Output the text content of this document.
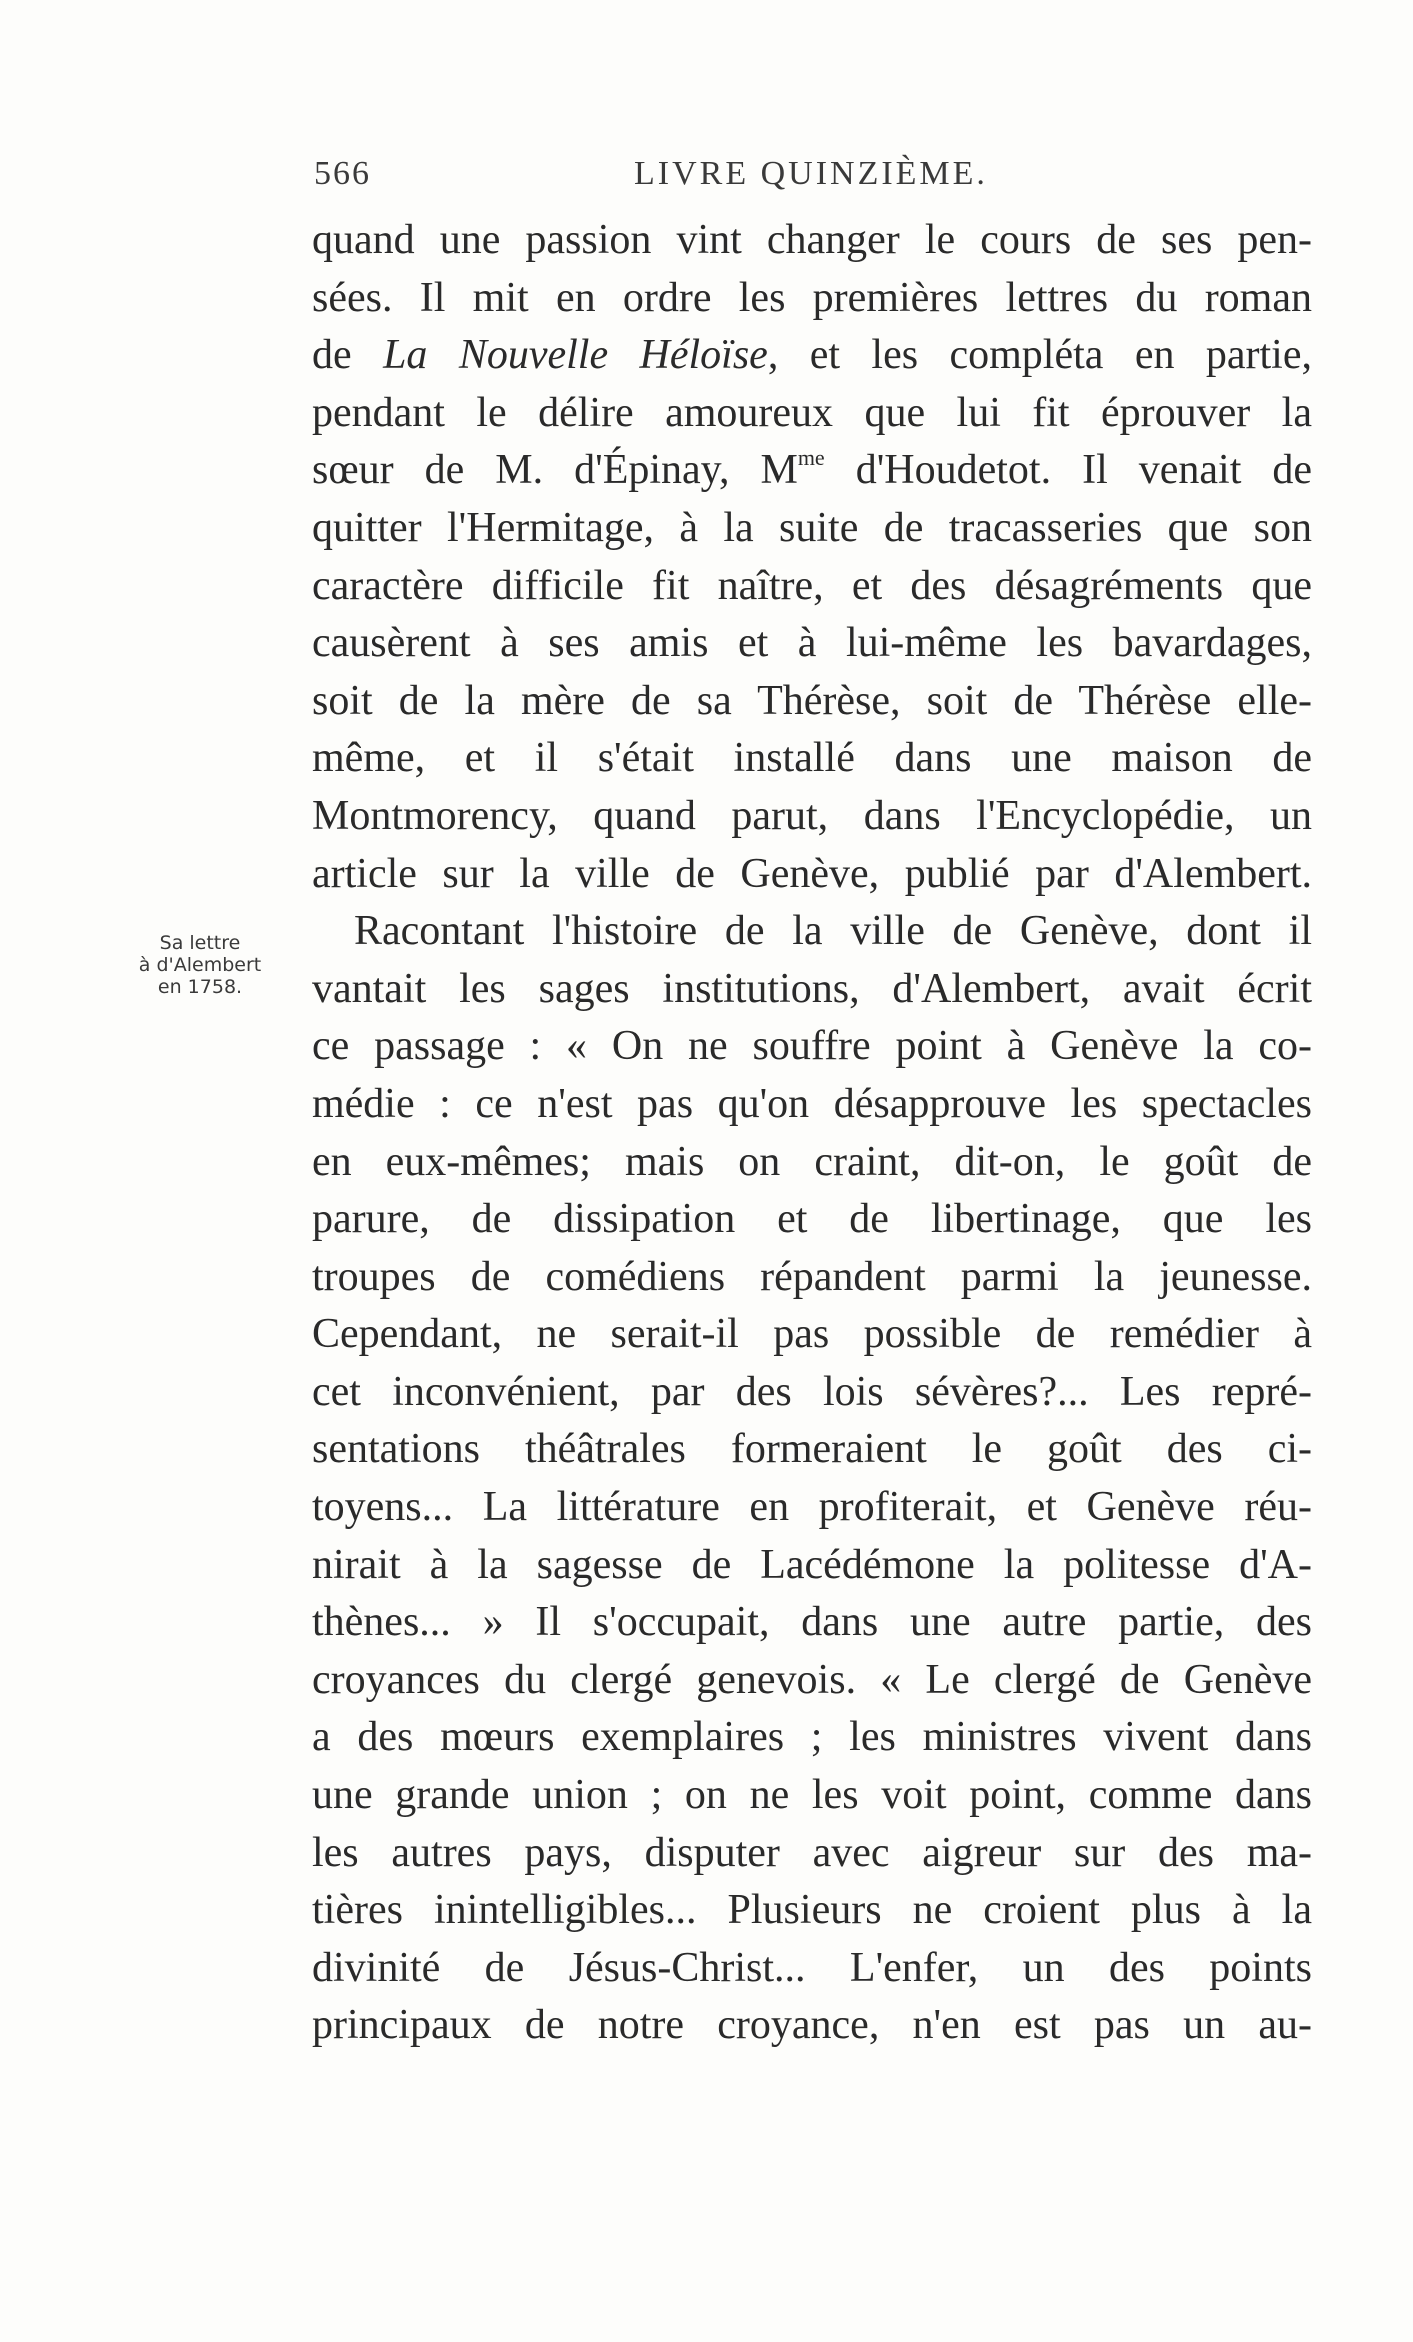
566	LIVRE QUINZIÈME.
Sa lettre
à d'Alembert
en 1758.
quand une passion vint changer le cours de ses pen-
sées. Il mit en ordre les premières lettres du roman
de La Nouvelle Héloïse, et les compléta en partie,
pendant le délire amoureux que lui fit éprouver la
sœur de M. d'Épinay, $M^{me}$ d'Houdetot. Il venait de
quitter l'Hermitage, à la suite de tracasseries que son
caractère difficile fit naître, et des désagréments que
causèrent à ses amis et à lui-même les bavardages,
soit de la mère de sa Thérèse, soit de Thérèse elle-
même, et il s'était installé dans une maison de
Montmorency, quand parut, dans l'Encyclopédie, un
article sur la ville de Genève, publié par d'Alembert.
Racontant l'histoire de la ville de Genève, dont il
vantait les sages institutions, d'Alembert, avait écrit
ce passage : « On ne souffre point à Genève la co-
médie : ce n'est pas qu'on désapprouve les spectacles
en eux-mêmes; mais on craint, dit-on, le goût de
parure, de dissipation et de libertinage, que les
troupes de comédiens répandent parmi la jeunesse.
Cependant, ne serait-il pas possible de remédier à
cet inconvénient, par des lois sévères?... Les repré-
sentations théâtrales formeraient le goût des ci-
toyens... La littérature en profiterait, et Genève réu-
nirait à la sagesse de Lacédémone la politesse d'A-
thènes... » Il s'occupait, dans une autre partie, des
croyances du clergé genevois. « Le clergé de Genève
a des mœurs exemplaires ; les ministres vivent dans
une grande union ; on ne les voit point, comme dans
les autres pays, disputer avec aigreur sur des ma-
tières inintelligibles... Plusieurs ne croient plus à la
divinité de Jésus-Christ... L'enfer, un des points
principaux de notre croyance, n'en est pas un au-
